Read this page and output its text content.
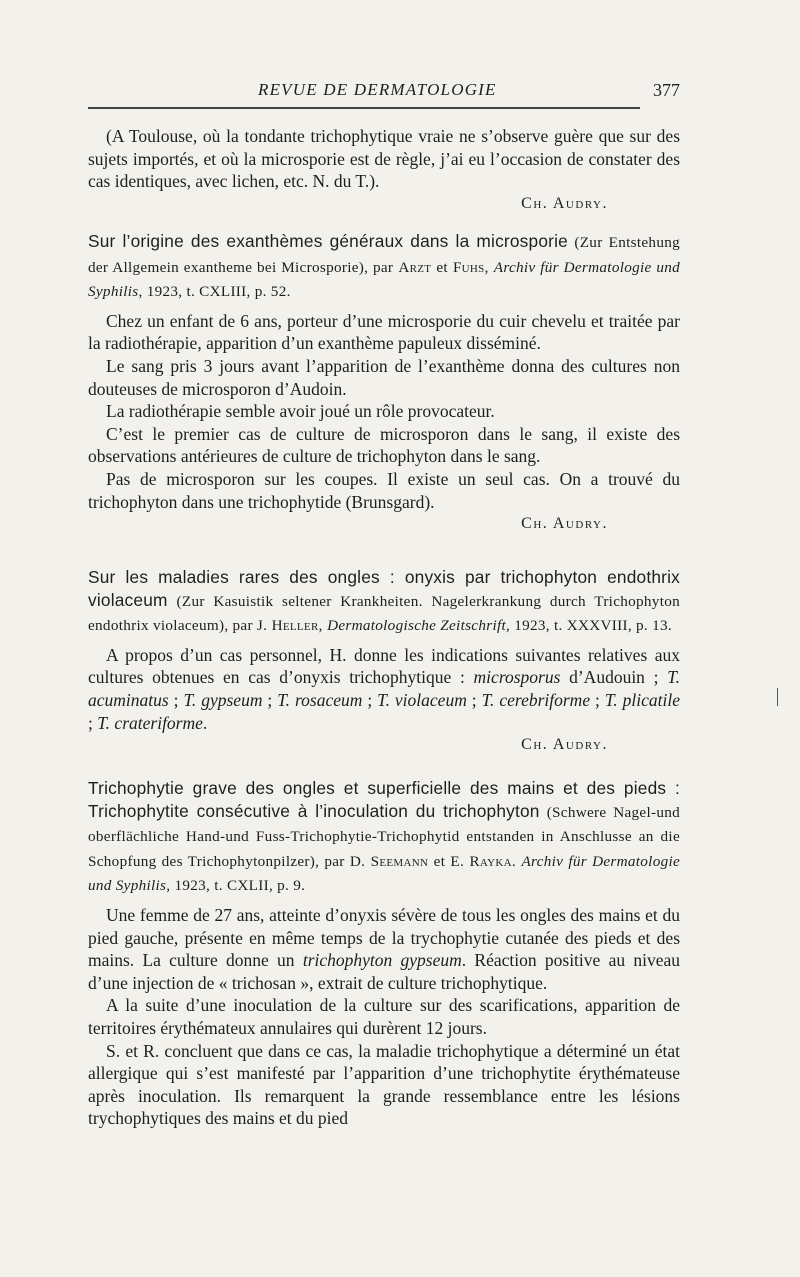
REVUE DE DERMATOLOGIE	377

(A Toulouse, où la tondante trichophytique vraie ne s’observe guère que sur des sujets importés, et où la microsporie est de règle, j’ai eu l’occasion de constater des cas identiques, avec lichen, etc. N. du T.).

Ch. Audry.

Sur l’origine des exanthèmes généraux dans la microsporie (Zur Entstehung der Allgemein exantheme bei Microsporie), par Arzt et Fuhs, Archiv für Dermatologie und Syphilis, 1923, t. CXLIII, p. 52.

Chez un enfant de 6 ans, porteur d’une microsporie du cuir chevelu et traitée par la radiothérapie, apparition d’un exanthème papuleux disséminé.

Le sang pris 3 jours avant l’apparition de l’exanthème donna des cultures non douteuses de microsporon d’Audoin.

La radiothérapie semble avoir joué un rôle provocateur.

C’est le premier cas de culture de microsporon dans le sang, il existe des observations antérieures de culture de trichophyton dans le sang.

Pas de microsporon sur les coupes. Il existe un seul cas. On a trouvé du trichophyton dans une trichophytide (Brunsgard).

Ch. Audry.

Sur les maladies rares des ongles : onyxis par trichophyton endothrix violaceum (Zur Kasuistik seltener Krankheiten. Nagelerkrankung durch Trichophyton endothrix violaceum), par J. Heller, Dermatologische Zeitschrift, 1923, t. XXXVIII, p. 13.

A propos d’un cas personnel, H. donne les indications suivantes relatives aux cultures obtenues en cas d’onyxis trichophytique : microsporus d’Audouin ; T. acuminatus ; T. gypseum ; T. rosaceum ; T. violaceum ; T. cerebriforme ; T. plicatile ; T. crateriforme.

Ch. Audry.

Trichophytie grave des ongles et superficielle des mains et des pieds : Trichophytite consécutive à l’inoculation du trichophyton (Schwere Nagel-und oberflächliche Hand-und Fuss-Trichophytie-Trichophytid entstanden in Anschlusse an die Schopfung des Trichophytonpilzer), par D. Seemann et E. Rayka. Archiv für Dermatologie und Syphilis, 1923, t. CXLII, p. 9.

Une femme de 27 ans, atteinte d’onyxis sévère de tous les ongles des mains et du pied gauche, présente en même temps de la trychophytie cutanée des pieds et des mains. La culture donne un trichophyton gypseum. Réaction positive au niveau d’une injection de « trichosan », extrait de culture trichophytique.

A la suite d’une inoculation de la culture sur des scarifications, apparition de territoires érythémateux annulaires qui durèrent 12 jours.

S. et R. concluent que dans ce cas, la maladie trichophytique a déterminé un état allergique qui s’est manifesté par l’apparition d’une trichophytite érythémateuse après inoculation. Ils remarquent la grande ressemblance entre les lésions trychophytiques des mains et du pied
